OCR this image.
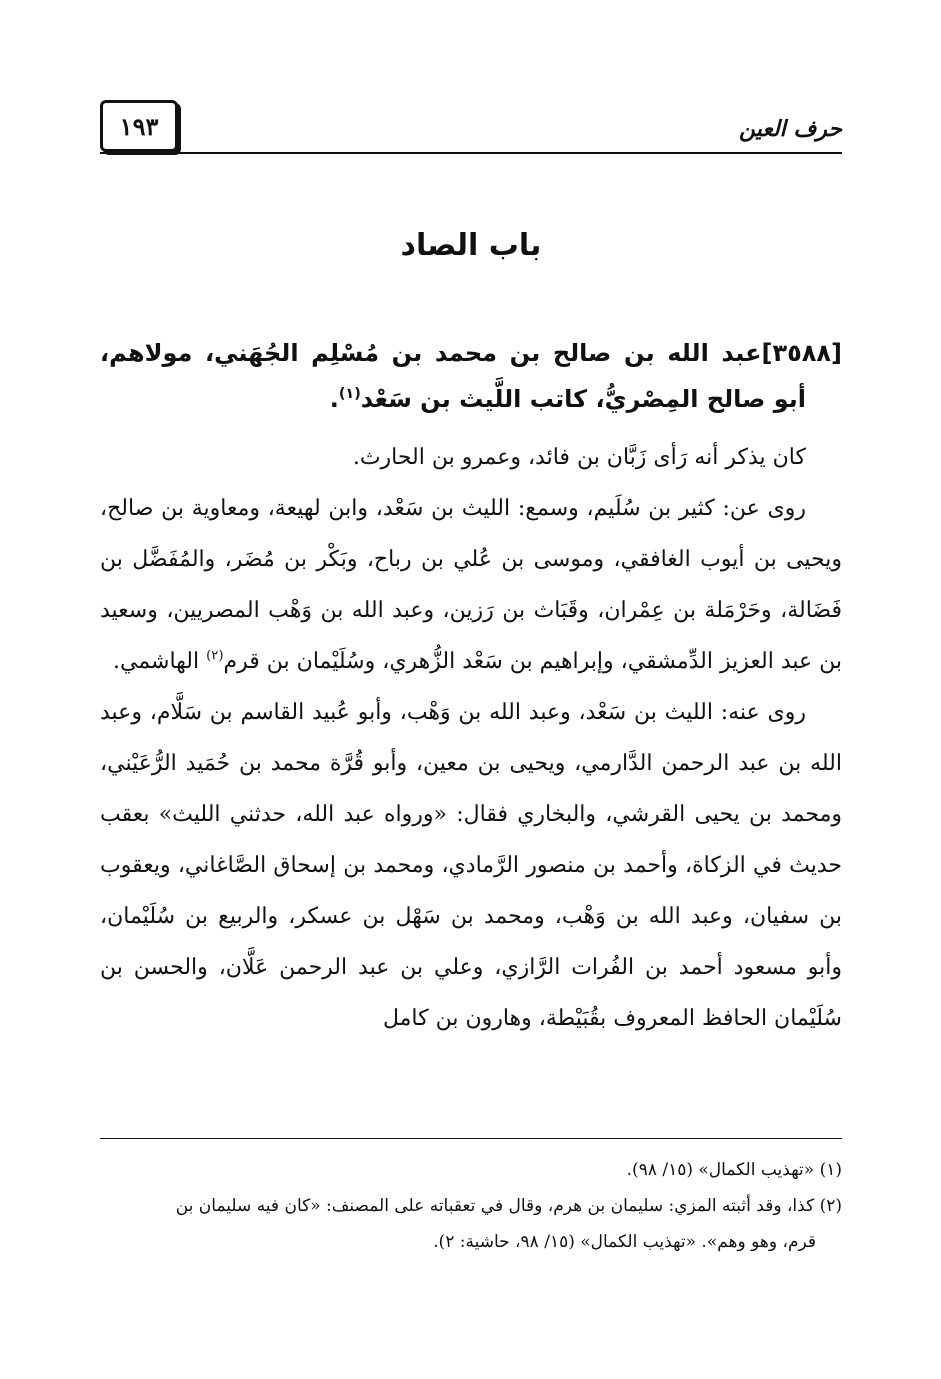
حرف العين
١٩٣
باب الصاد
[٣٥٨٨]عبد الله بن صالح بن محمد بن مُسْلِم الجُهَني، مولاهم،
أبو صالح المِصْريُّ، كاتب اللَّيث بن سَعْد$^{(١)}$.

كان يذكر أنه رَأى زَبَّان بن فائد، وعمرو بن الحارث.

روى عن: كثير بن سُلَيم، وسمع: الليث بن سَعْد، وابن لهيعة، ومعاوية بن صالح، ويحيى بن أيوب الغافقي، وموسى بن عُلي بن رباح، وبَكْر بن مُضَر، والمُفَضَّل بن فَضَالة، وحَرْمَلة بن عِمْران، وقَبَاث بن رَزين، وعبد الله بن وَهْب المصريين، وسعيد بن عبد العزيز الدِّمشقي، وإبراهيم بن سَعْد الزُّهري، وسُلَيْمان بن قرم$^{(٢)}$ الهاشمي.

روى عنه: الليث بن سَعْد، وعبد الله بن وَهْب، وأبو عُبيد القاسم بن سَلَّام، وعبد الله بن عبد الرحمن الدَّارمي، ويحيى بن معين، وأبو قُرَّة محمد بن حُمَيد الرُّعَيْني، ومحمد بن يحيى القرشي، والبخاري فقال: «ورواه عبد الله، حدثني الليث» بعقب حديث في الزكاة، وأحمد بن منصور الرَّمادي، ومحمد بن إسحاق الصَّاغاني، ويعقوب بن سفيان، وعبد الله بن وَهْب، ومحمد بن سَهْل بن عسكر، والربيع بن سُلَيْمان، وأبو مسعود أحمد بن الفُرات الرَّازي، وعلي بن عبد الرحمن عَلَّان، والحسن بن سُلَيْمان الحافظ المعروف بقُبَيْطة، وهارون بن كامل

(١) «تهذيب الكمال» (١٥/ ٩٨).

(٢) كذا، وقد أثبته المزي: سليمان بن هرم، وقال في تعقباته على المصنف: «كان فيه سليمان بن

قرم، وهو وهم». «تهذيب الكمال» (١٥/ ٩٨، حاشية: ٢).
